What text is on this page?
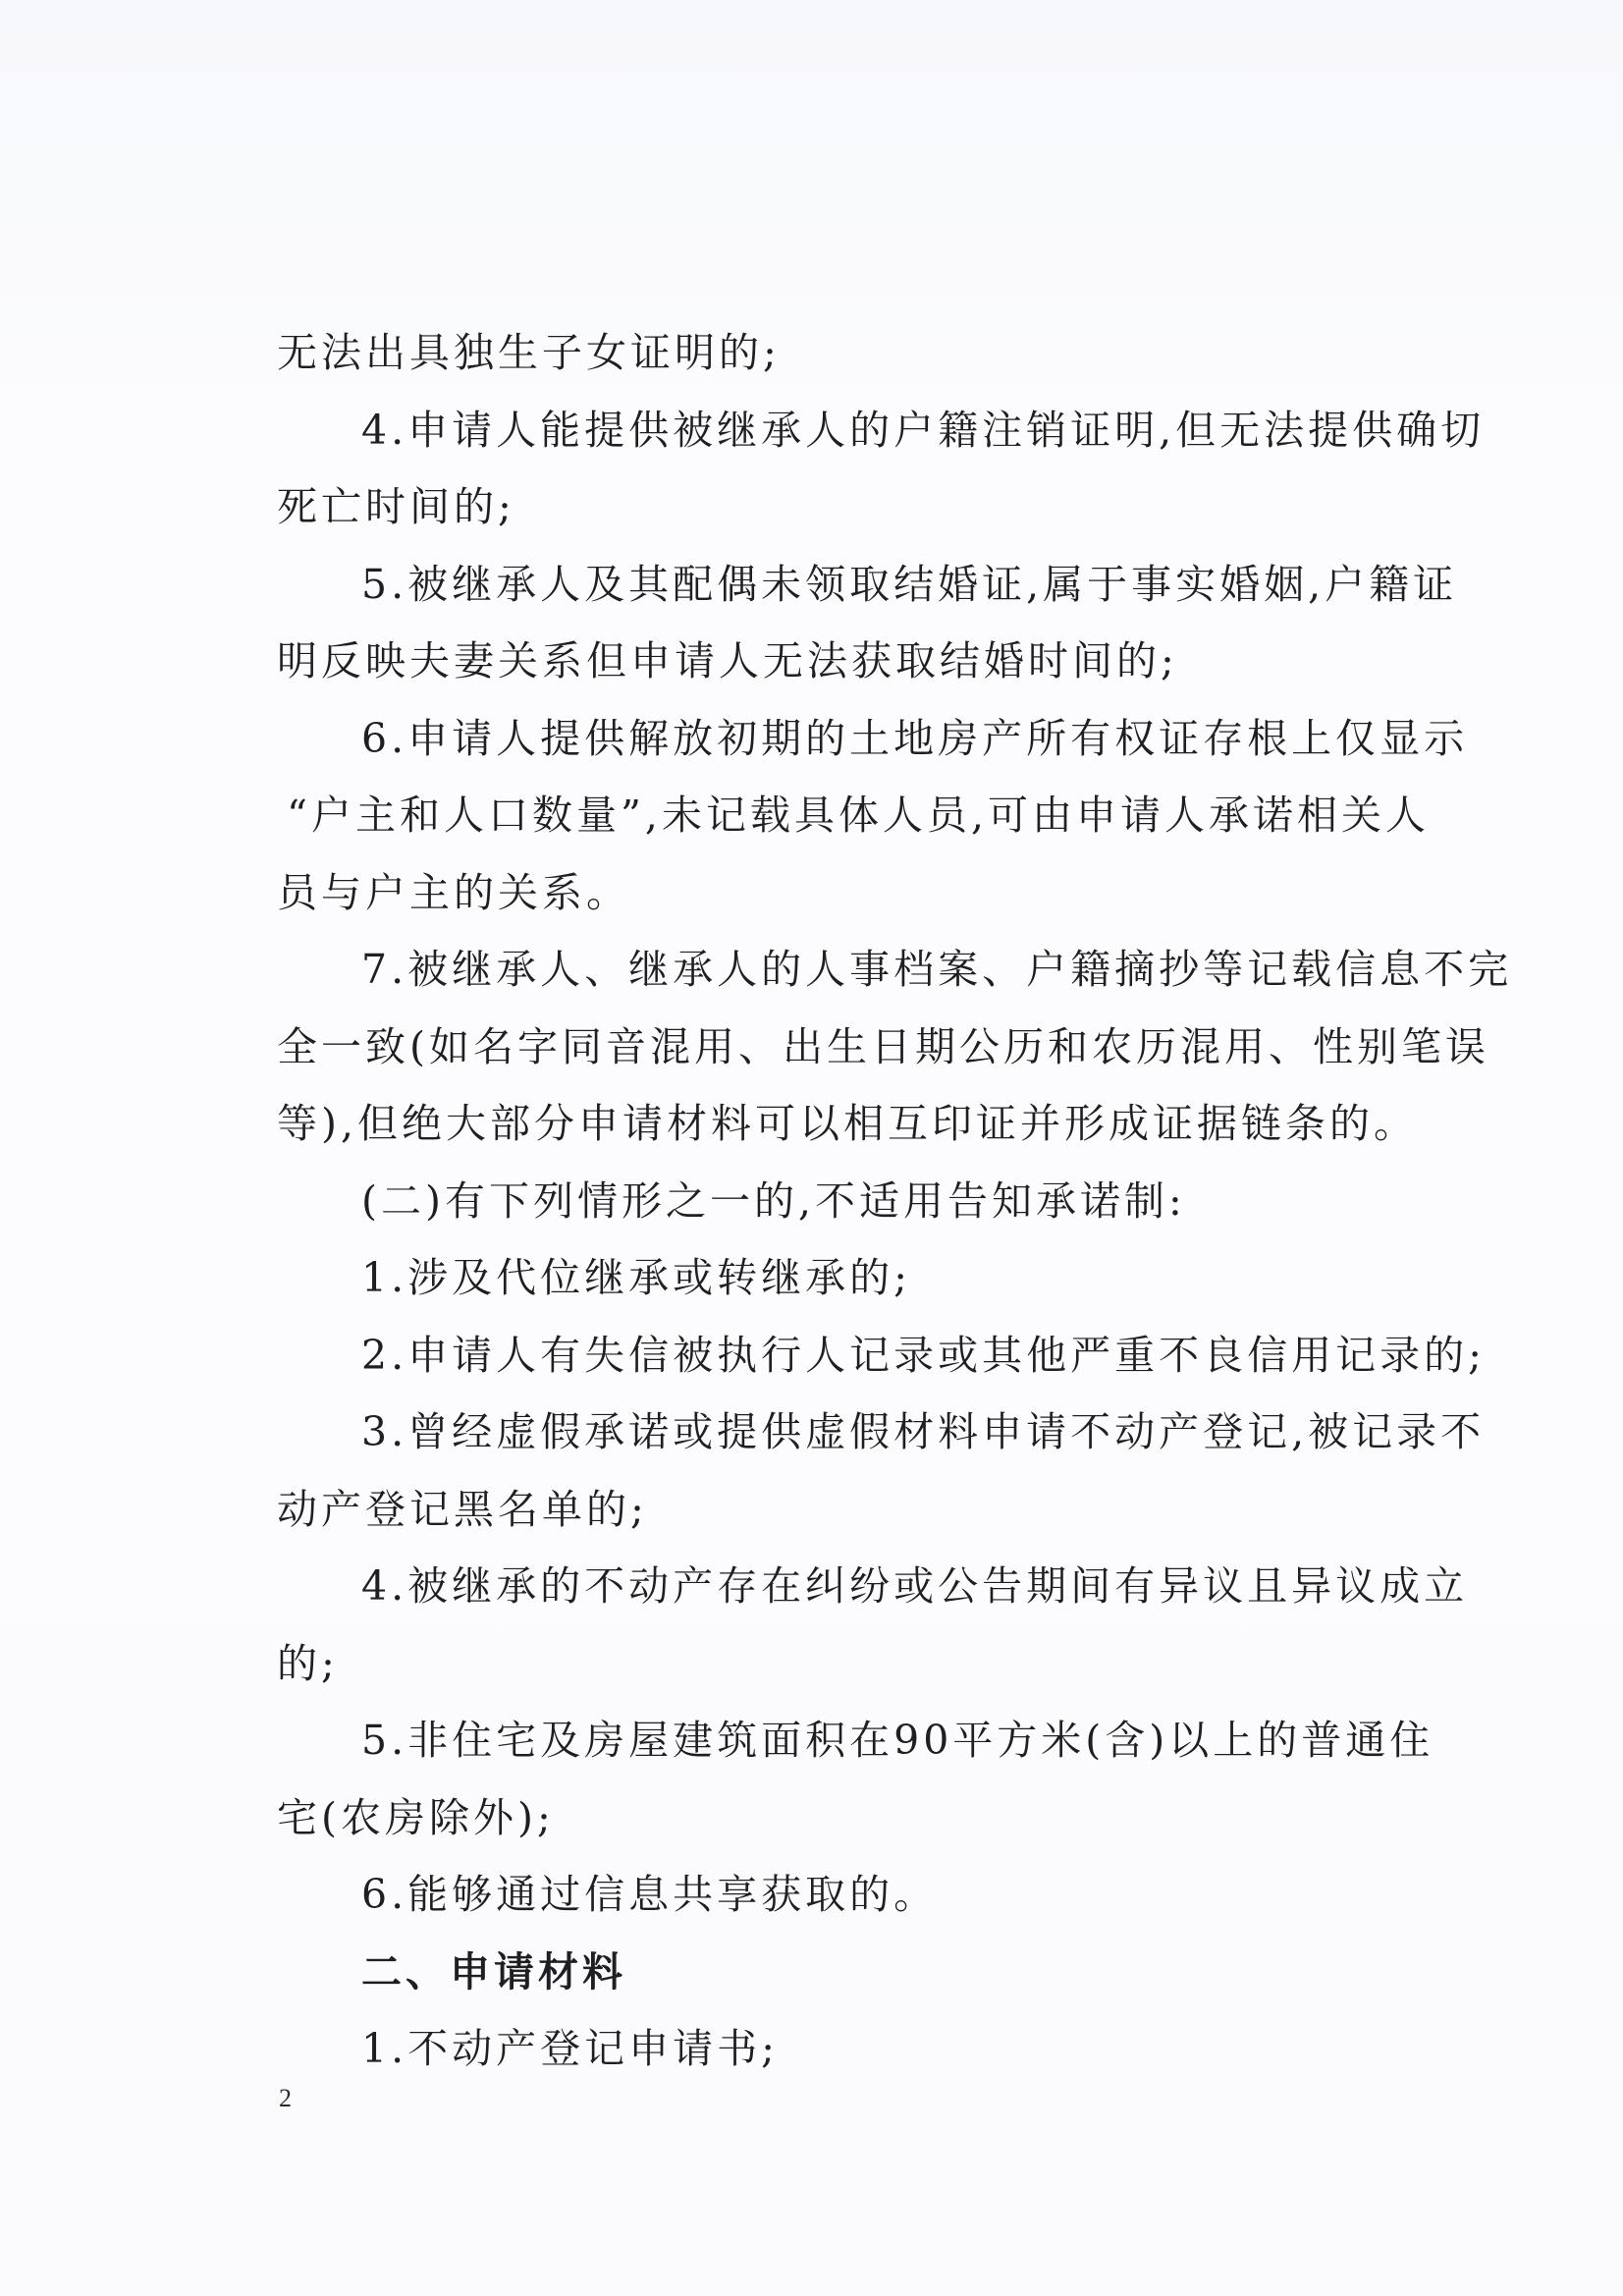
无法出具独生子女证明的;
4.申请人能提供被继承人的户籍注销证明,但无法提供确切
死亡时间的;
5.被继承人及其配偶未领取结婚证,属于事实婚姻,户籍证
明反映夫妻关系但申请人无法获取结婚时间的;
6.申请人提供解放初期的土地房产所有权证存根上仅显示
“户主和人口数量”,未记载具体人员,可由申请人承诺相关人
员与户主的关系。
7.被继承人、继承人的人事档案、户籍摘抄等记载信息不完
全一致(如名字同音混用、出生日期公历和农历混用、性别笔误
等),但绝大部分申请材料可以相互印证并形成证据链条的。
(二)有下列情形之一的,不适用告知承诺制:
1.涉及代位继承或转继承的;
2.申请人有失信被执行人记录或其他严重不良信用记录的;
3.曾经虚假承诺或提供虚假材料申请不动产登记,被记录不
动产登记黑名单的;
4.被继承的不动产存在纠纷或公告期间有异议且异议成立
的;
5.非住宅及房屋建筑面积在90平方米(含)以上的普通住
宅(农房除外);
6.能够通过信息共享获取的。
二、申请材料
1.不动产登记申请书;
2
